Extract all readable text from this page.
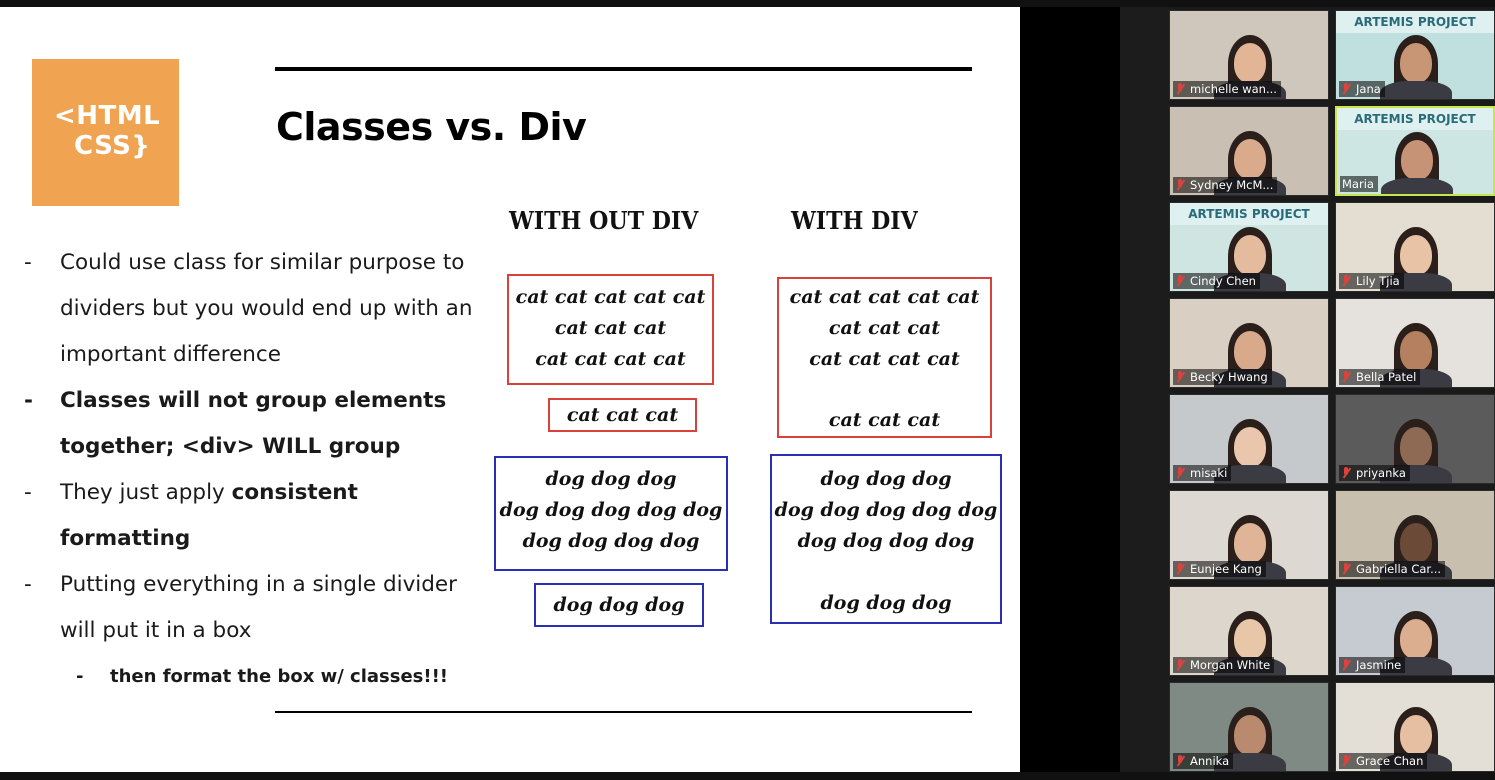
<HTML
CSS}	Classes vs. Div
- Could use class for similar purpose to dividers but you would end up with an important difference
- Classes will not group elements together; <div> WILL group
- They just apply consistent formatting
- Putting everything in a single divider will put it in a box
- then format the box w/ classes!!!
WITH OUT DIV	WITH DIV
cat cat cat cat cat
cat cat cat
cat cat cat cat
cat cat cat
dog dog dog
dog dog dog dog dog
dog dog dog dog
dog dog dog
cat cat cat cat cat
cat cat cat
cat cat cat cat
cat cat cat
dog dog dog
dog dog dog dog dog
dog dog dog dog
dog dog dog
michelle wan...
ARTEMIS PROJECT
Jana
Sydney McM...
ARTEMIS PROJECT
Maria
ARTEMIS PROJECT
Cindy Chen	Lily Tjia
Becky Hwang	Bella Patel
misaki	priyanka
Eunjee Kang	Gabriella Car...
Morgan White	Jasmine
Annika	Grace Chan
